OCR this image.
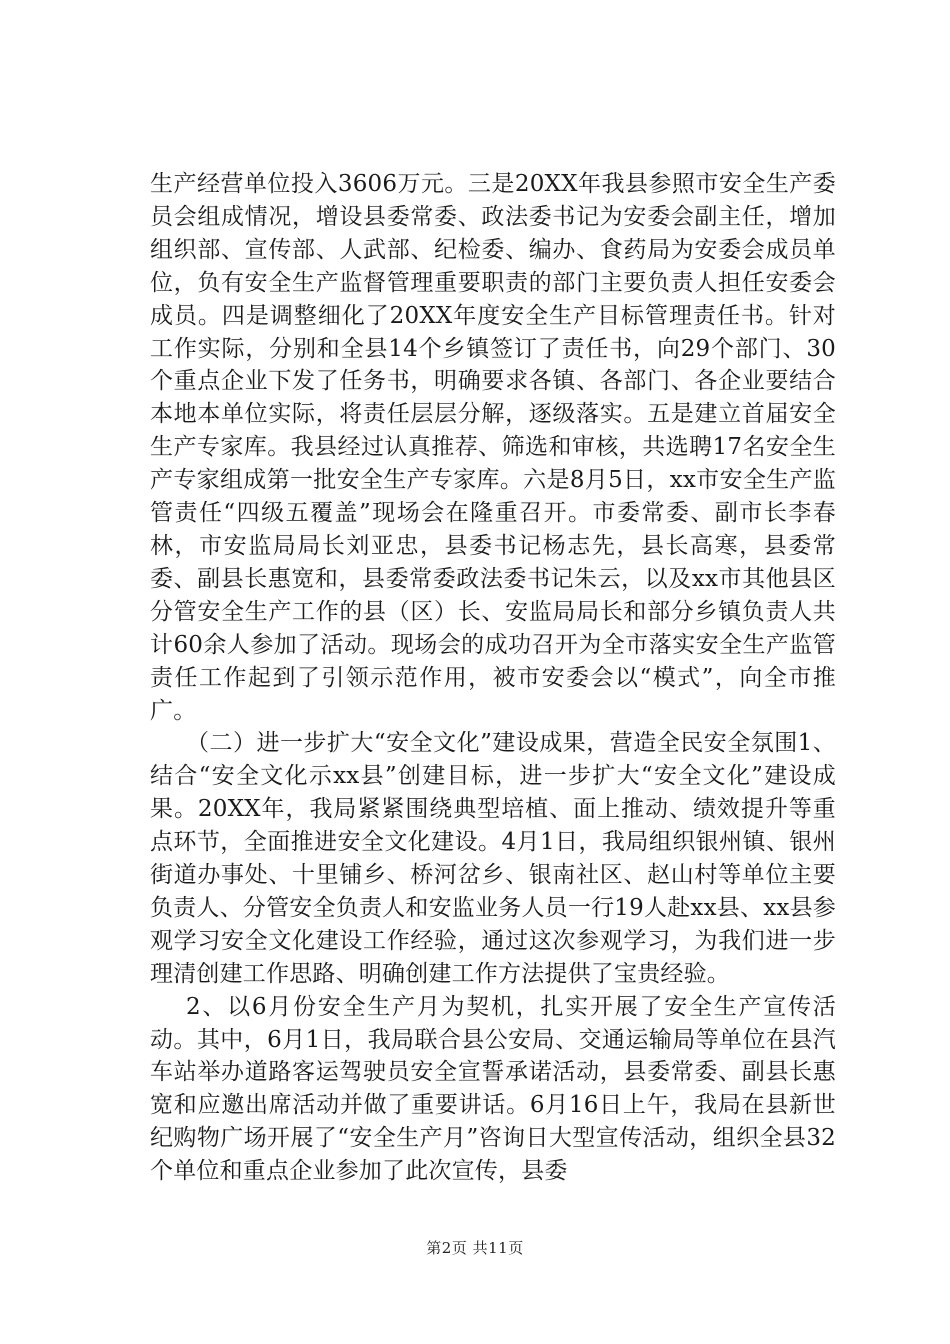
生产经营单位投入3606万元。三是20XX年我县参照市安全生产委员会组成情况，增设县委常委、政法委书记为安委会副主任，增加组织部、宣传部、人武部、纪检委、编办、食药局为安委会成员单位，负有安全生产监督管理重要职责的部门主要负责人担任安委会成员。四是调整细化了20XX年度安全生产目标管理责任书。针对工作实际，分别和全县14个乡镇签订了责任书，向29个部门、30个重点企业下发了任务书，明确要求各镇、各部门、各企业要结合本地本单位实际，将责任层层分解，逐级落实。五是建立首届安全生产专家库。我县经过认真推荐、筛选和审核，共选聘17名安全生产专家组成第一批安全生产专家库。六是8月5日，xx市安全生产监管责任“四级五覆盖”现场会在隆重召开。市委常委、副市长李春林，市安监局局长刘亚忠，县委书记杨志先，县长高寒，县委常委、副县长惠宽和，县委常委政法委书记朱云，以及xx市其他县区分管安全生产工作的县（区）长、安监局局长和部分乡镇负责人共计60余人参加了活动。现场会的成功召开为全市落实安全生产监管责任工作起到了引领示范作用，被市安委会以“模式”，向全市推广。

（二）进一步扩大“安全文化”建设成果，营造全民安全氛围1、结合“安全文化示xx县”创建目标，进一步扩大“安全文化”建设成果。20XX年，我局紧紧围绕典型培植、面上推动、绩效提升等重点环节，全面推进安全文化建设。4月1日，我局组织银州镇、银州街道办事处、十里铺乡、桥河岔乡、银南社区、赵山村等单位主要负责人、分管安全负责人和安监业务人员一行19人赴xx县、xx县参观学习安全文化建设工作经验，通过这次参观学习，为我们进一步理清创建工作思路、明确创建工作方法提供了宝贵经验。

2、以6月份安全生产月为契机，扎实开展了安全生产宣传活动。其中，6月1日，我局联合县公安局、交通运输局等单位在县汽车站举办道路客运驾驶员安全宣誓承诺活动，县委常委、副县长惠宽和应邀出席活动并做了重要讲话。6月16日上午，我局在县新世纪购物广场开展了“安全生产月”咨询日大型宣传活动，组织全县32个单位和重点企业参加了此次宣传，县委

第2页 共11页
